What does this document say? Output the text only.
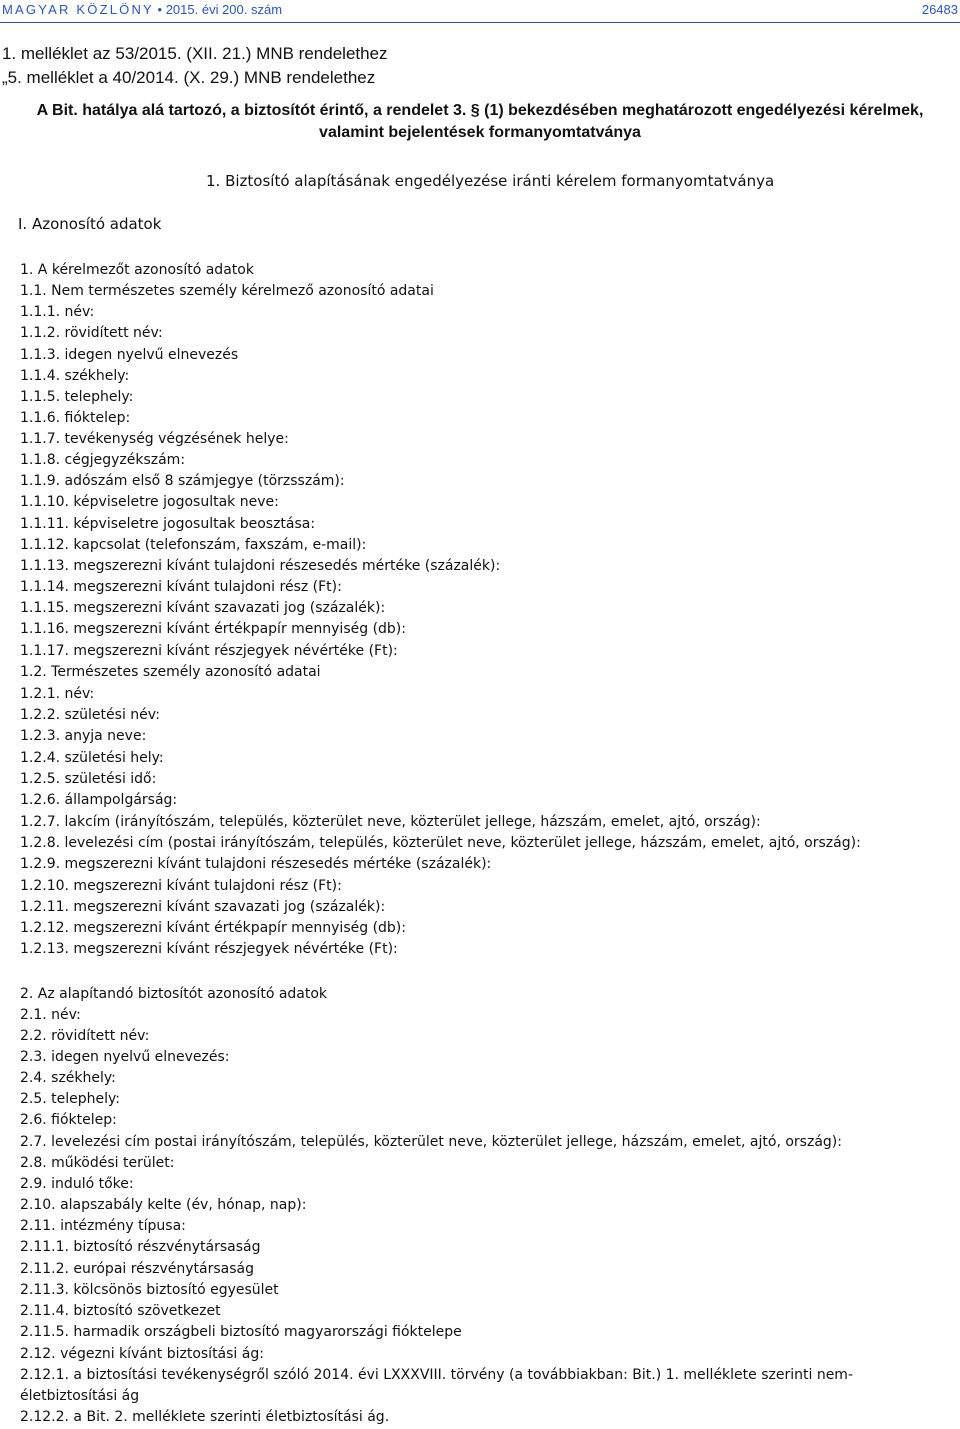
MAGYAR KÖZLÖNY • 2015. évi 200. szám	26483
1. melléklet az 53/2015. (XII. 21.) MNB rendelethez
„5. melléklet a 40/2014. (X. 29.) MNB rendelethez
A Bit. hatálya alá tartozó, a biztosítót érintő, a rendelet 3. § (1) bekezdésében meghatározott engedélyezési kérelmek,
valamint bejelentések formanyomtatványa
1. Biztosító alapításának engedélyezése iránti kérelem formanyomtatványa
I. Azonosító adatok
1. A kérelmezőt azonosító adatok
1.1. Nem természetes személy kérelmező azonosító adatai
1.1.1. név:
1.1.2. rövidített név:
1.1.3. idegen nyelvű elnevezés
1.1.4. székhely:
1.1.5. telephely:
1.1.6. fióktelep:
1.1.7. tevékenység végzésének helye:
1.1.8. cégjegyzékszám:
1.1.9. adószám első 8 számjegye (törzsszám):
1.1.10. képviseletre jogosultak neve:
1.1.11. képviseletre jogosultak beosztása:
1.1.12. kapcsolat (telefonszám, faxszám, e-mail):
1.1.13. megszerezni kívánt tulajdoni részesedés mértéke (százalék):
1.1.14. megszerezni kívánt tulajdoni rész (Ft):
1.1.15. megszerezni kívánt szavazati jog (százalék):
1.1.16. megszerezni kívánt értékpapír mennyiség (db):
1.1.17. megszerezni kívánt részjegyek névértéke (Ft):
1.2. Természetes személy azonosító adatai
1.2.1. név:
1.2.2. születési név:
1.2.3. anyja neve:
1.2.4. születési hely:
1.2.5. születési idő:
1.2.6. állampolgárság:
1.2.7. lakcím (irányítószám, település, közterület neve, közterület jellege, házszám, emelet, ajtó, ország):
1.2.8. levelezési cím (postai irányítószám, település, közterület neve, közterület jellege, házszám, emelet, ajtó, ország):
1.2.9. megszerezni kívánt tulajdoni részesedés mértéke (százalék):
1.2.10. megszerezni kívánt tulajdoni rész (Ft):
1.2.11. megszerezni kívánt szavazati jog (százalék):
1.2.12. megszerezni kívánt értékpapír mennyiség (db):
1.2.13. megszerezni kívánt részjegyek névértéke (Ft):
2. Az alapítandó biztosítót azonosító adatok
2.1. név:
2.2. rövidített név:
2.3. idegen nyelvű elnevezés:
2.4. székhely:
2.5. telephely:
2.6. fióktelep:
2.7. levelezési cím postai irányítószám, település, közterület neve, közterület jellege, házszám, emelet, ajtó, ország):
2.8. működési terület:
2.9. induló tőke:
2.10. alapszabály kelte (év, hónap, nap):
2.11. intézmény típusa:
2.11.1. biztosító részvénytársaság
2.11.2. európai részvénytársaság
2.11.3. kölcsönös biztosító egyesület
2.11.4. biztosító szövetkezet
2.11.5. harmadik országbeli biztosító magyarországi fióktelepe
2.12. végezni kívánt biztosítási ág:
2.12.1. a biztosítási tevékenységről szóló 2014. évi LXXXVIII. törvény (a továbbiakban: Bit.) 1. melléklete szerinti neméletbiztosítási ág
2.12.2. a Bit. 2. melléklete szerinti életbiztosítási ág.
